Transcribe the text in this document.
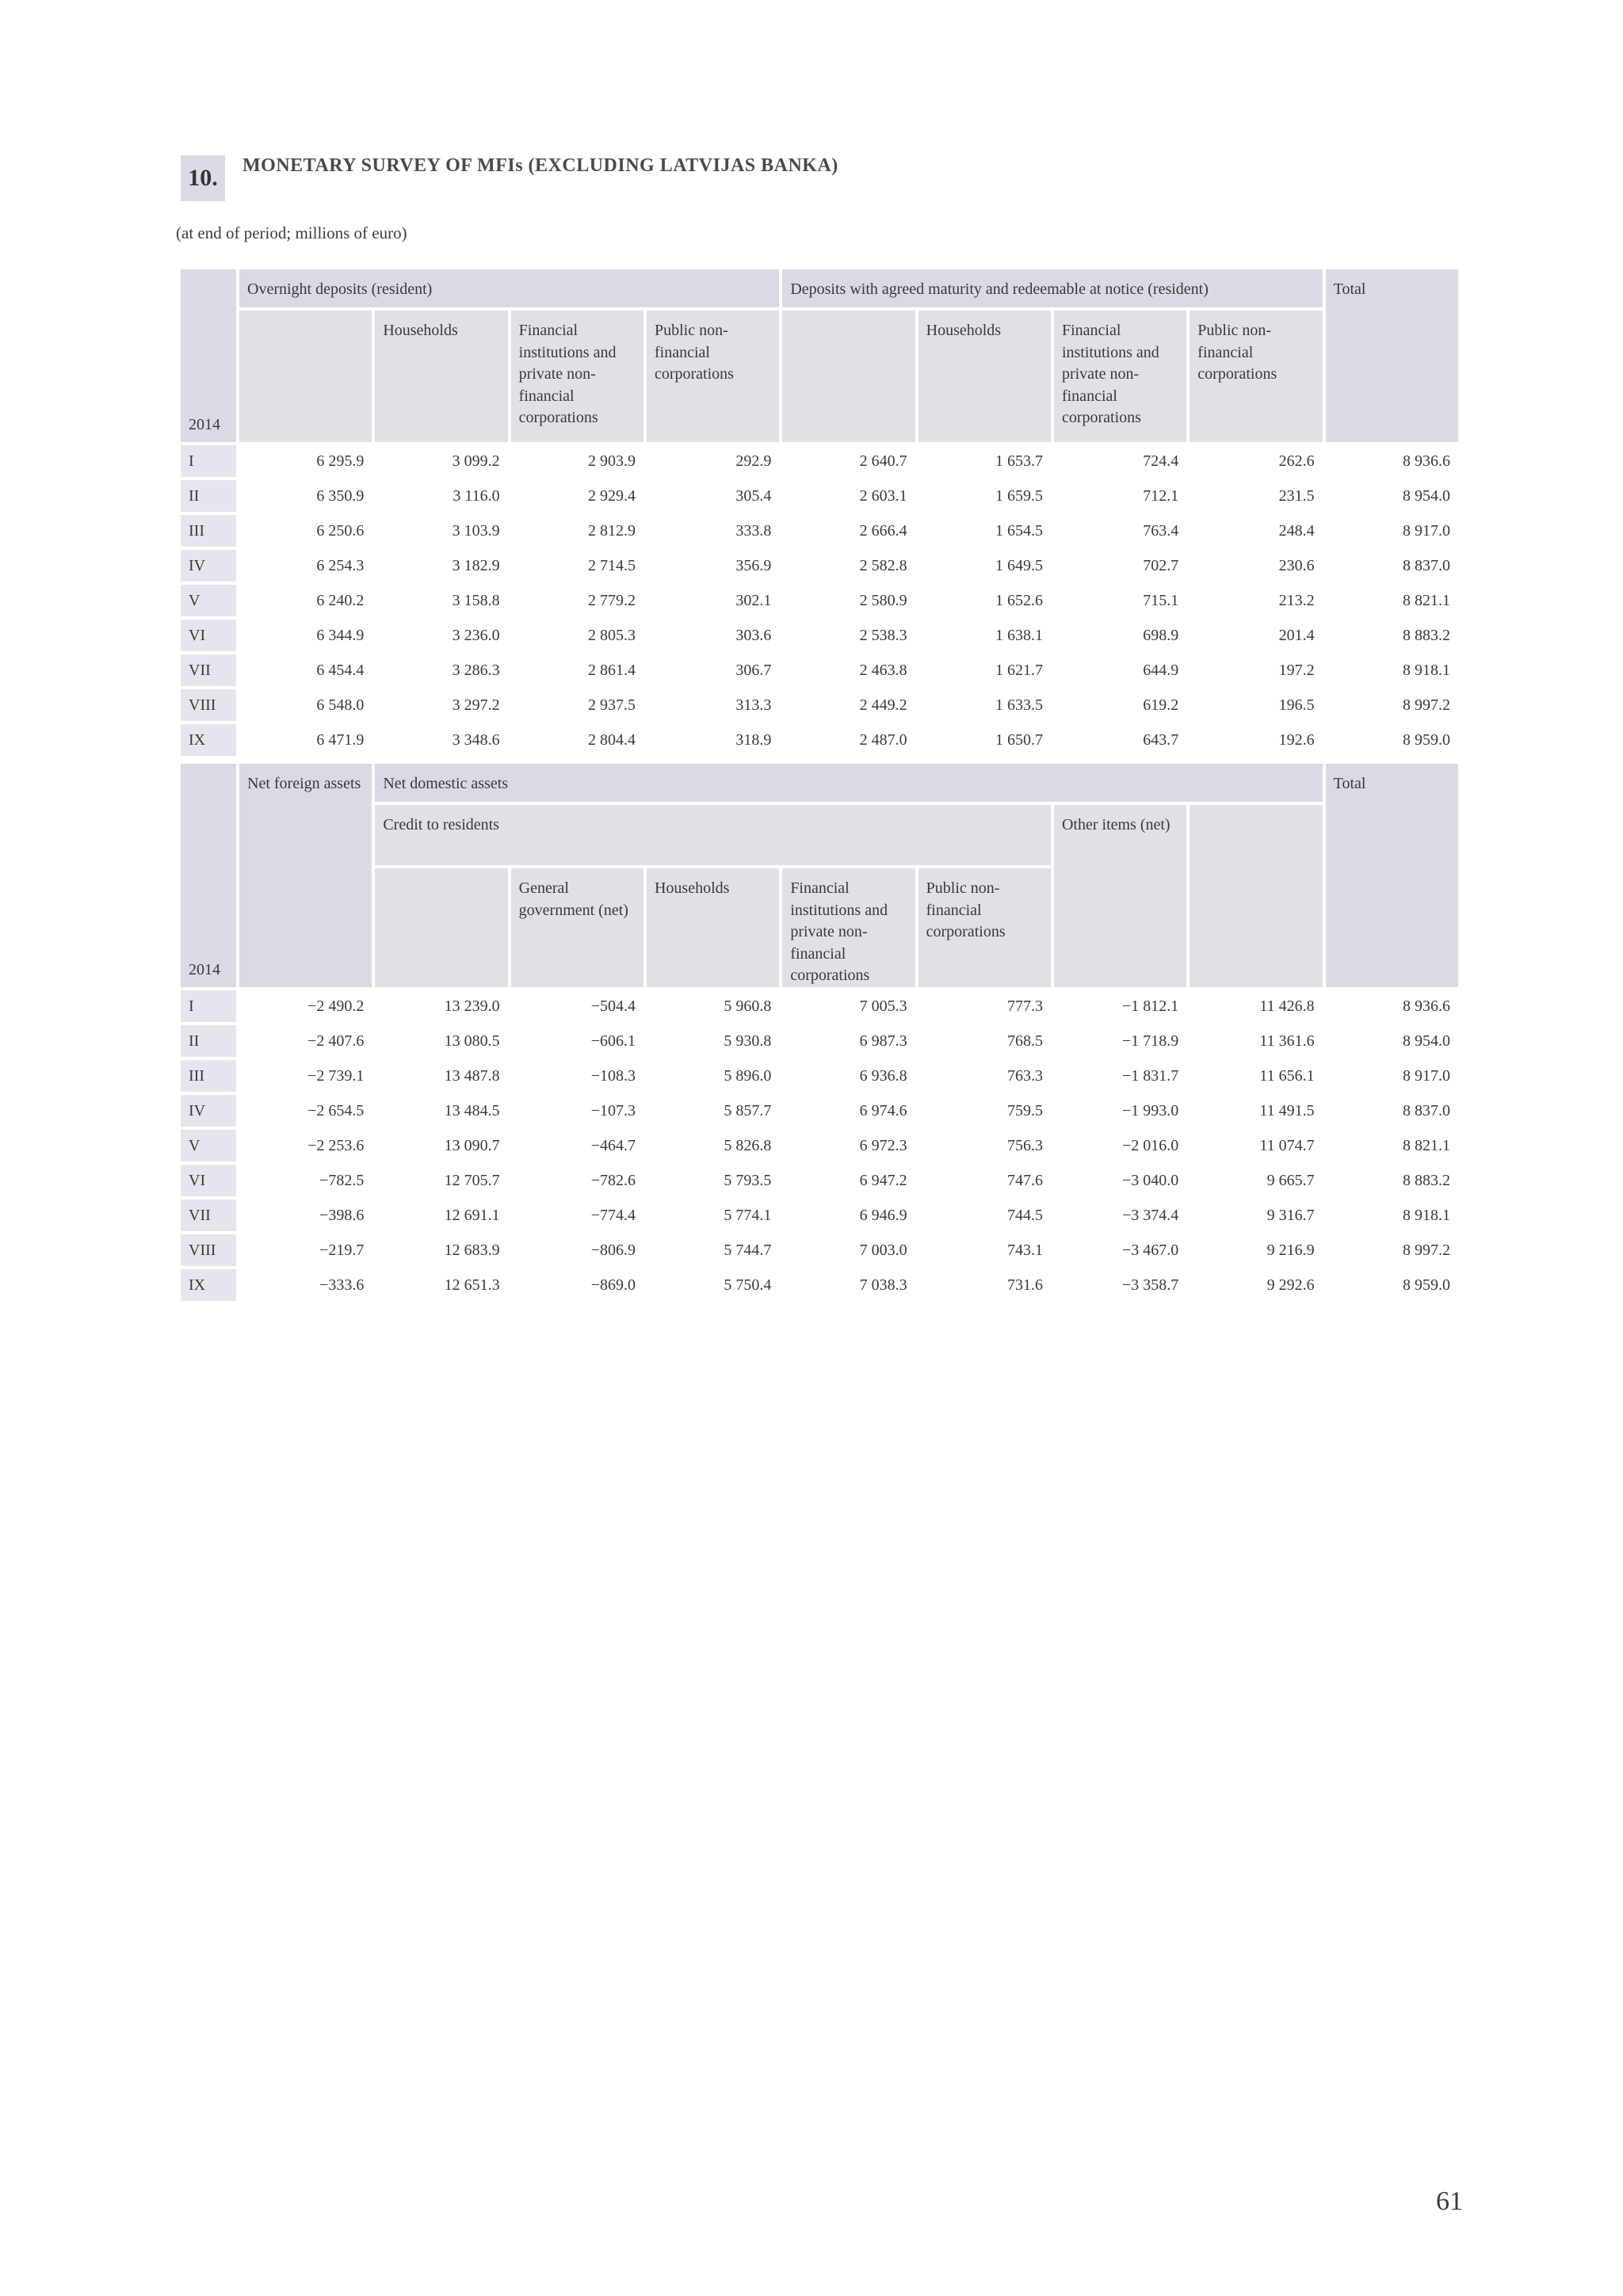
10.	MONETARY SURVEY OF MFIs (EXCLUDING LATVIJAS BANKA)
(at end of period; millions of euro)
2014	Overnight deposits (resident)				Deposits with agreed maturity and redeemable at notice (resident)				Total
		Households	Financial institutions and private non-financial corporations	Public non-financial corporations		Households	Financial institutions and private non-financial corporations	Public non-financial corporations	
I	6 295.9	3 099.2	2 903.9	292.9	2 640.7	1 653.7	724.4	262.6	8 936.6
II	6 350.9	3 116.0	2 929.4	305.4	2 603.1	1 659.5	712.1	231.5	8 954.0
III	6 250.6	3 103.9	2 812.9	333.8	2 666.4	1 654.5	763.4	248.4	8 917.0
IV	6 254.3	3 182.9	2 714.5	356.9	2 582.8	1 649.5	702.7	230.6	8 837.0
V	6 240.2	3 158.8	2 779.2	302.1	2 580.9	1 652.6	715.1	213.2	8 821.1
VI	6 344.9	3 236.0	2 805.3	303.6	2 538.3	1 638.1	698.9	201.4	8 883.2
VII	6 454.4	3 286.3	2 861.4	306.7	2 463.8	1 621.7	644.9	197.2	8 918.1
VIII	6 548.0	3 297.2	2 937.5	313.3	2 449.2	1 633.5	619.2	196.5	8 997.2
IX	6 471.9	3 348.6	2 804.4	318.9	2 487.0	1 650.7	643.7	192.6	8 959.0
2014	Net foreign assets	Net domestic assets							Total
		Credit to residents					Other items (net)		
			General government (net)	Households	Financial institutions and private non-financial corporations	Public non-financial corporations			
I	−2 490.2	13 239.0	−504.4	5 960.8	7 005.3	777.3	−1 812.1	11 426.8	8 936.6
II	−2 407.6	13 080.5	−606.1	5 930.8	6 987.3	768.5	−1 718.9	11 361.6	8 954.0
III	−2 739.1	13 487.8	−108.3	5 896.0	6 936.8	763.3	−1 831.7	11 656.1	8 917.0
IV	−2 654.5	13 484.5	−107.3	5 857.7	6 974.6	759.5	−1 993.0	11 491.5	8 837.0
V	−2 253.6	13 090.7	−464.7	5 826.8	6 972.3	756.3	−2 016.0	11 074.7	8 821.1
VI	−782.5	12 705.7	−782.6	5 793.5	6 947.2	747.6	−3 040.0	9 665.7	8 883.2
VII	−398.6	12 691.1	−774.4	5 774.1	6 946.9	744.5	−3 374.4	9 316.7	8 918.1
VIII	−219.7	12 683.9	−806.9	5 744.7	7 003.0	743.1	−3 467.0	9 216.9	8 997.2
IX	−333.6	12 651.3	−869.0	5 750.4	7 038.3	731.6	−3 358.7	9 292.6	8 959.0
61
